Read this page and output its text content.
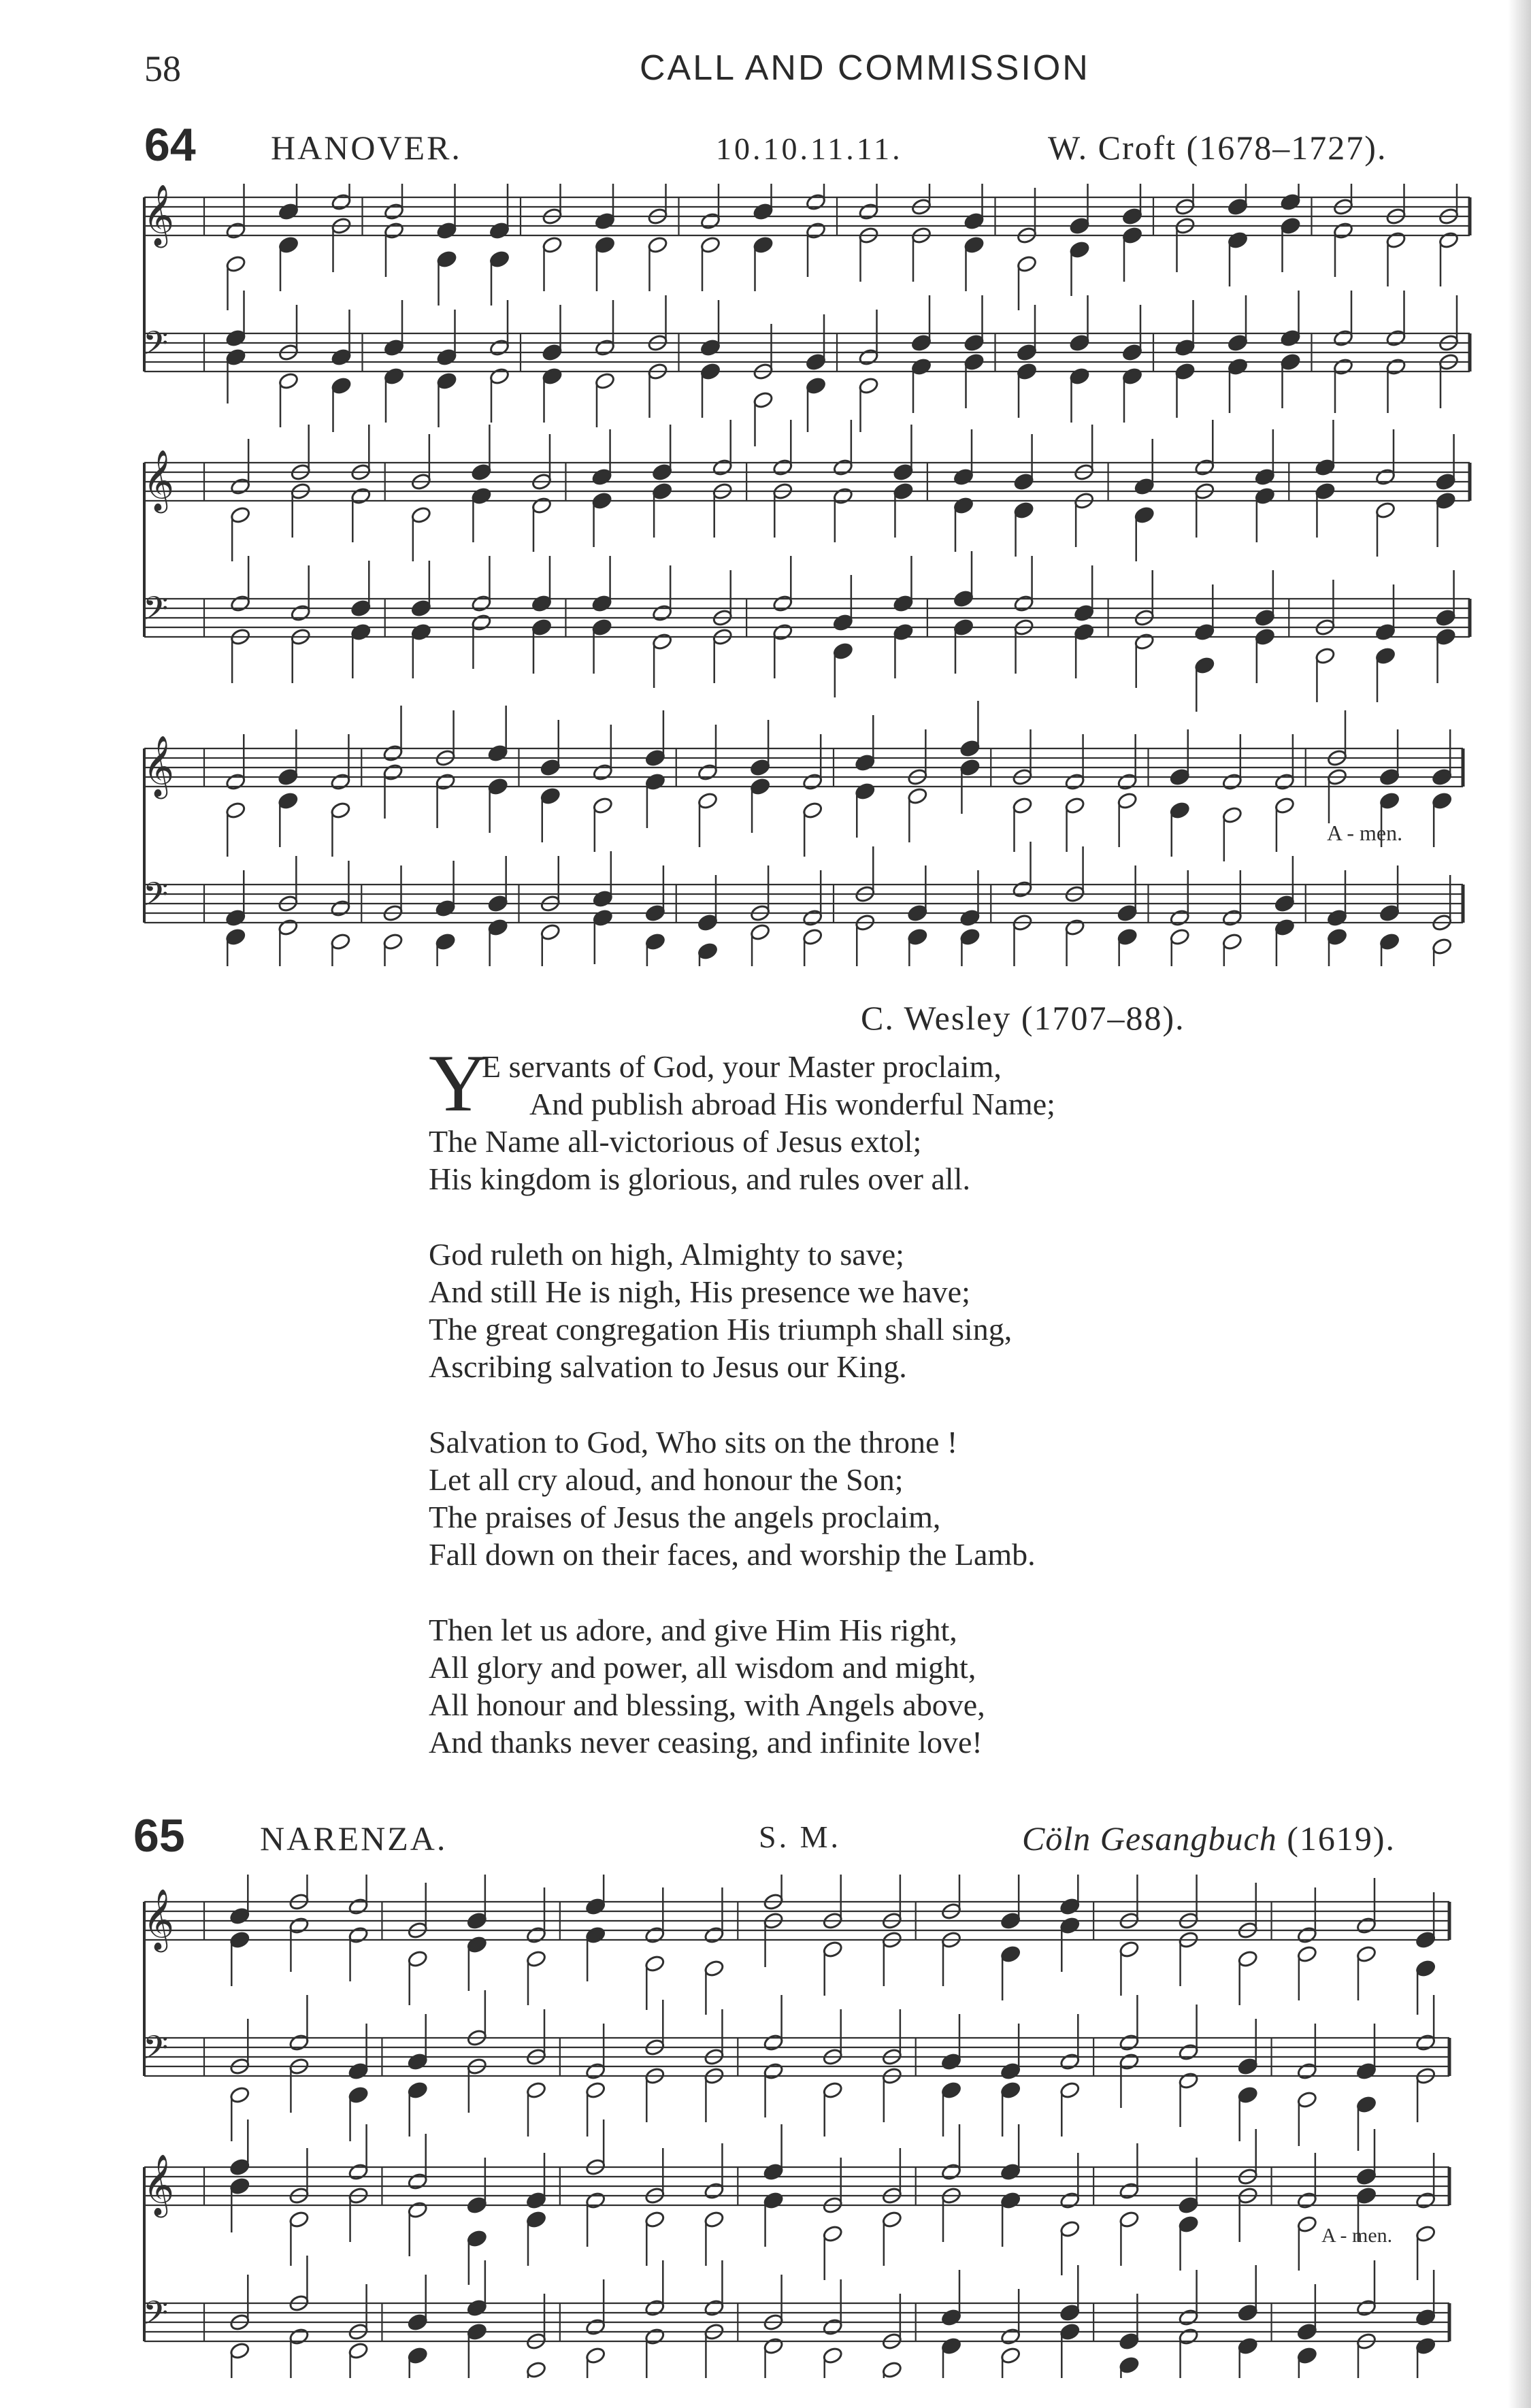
58	CALL AND COMMISSION
64 HANOVER.	10.10.11.11.	W. Croft (1678–1727).
𝄞
𝄢
𝄞
𝄢
𝄞
𝄢
A - men.
C. Wesley (1707–88).
Y
E servants of God, your Master proclaim,
And publish abroad His wonderful Name;
The Name all-victorious of Jesus extol;
His kingdom is glorious, and rules over all.
God ruleth on high, Almighty to save;
And still He is nigh, His presence we have;
The great congregation His triumph shall sing,
Ascribing salvation to Jesus our King.
Salvation to God, Who sits on the throne !
Let all cry aloud, and honour the Son;
The praises of Jesus the angels proclaim,
Fall down on their faces, and worship the Lamb.
Then let us adore, and give Him His right,
All glory and power, all wisdom and might,
All honour and blessing, with Angels above,
And thanks never ceasing, and infinite love!
65 NARENZA.	S. M.	Cöln Gesangbuch (1619).
𝄞
𝄢
𝄞
𝄢
A - men.
